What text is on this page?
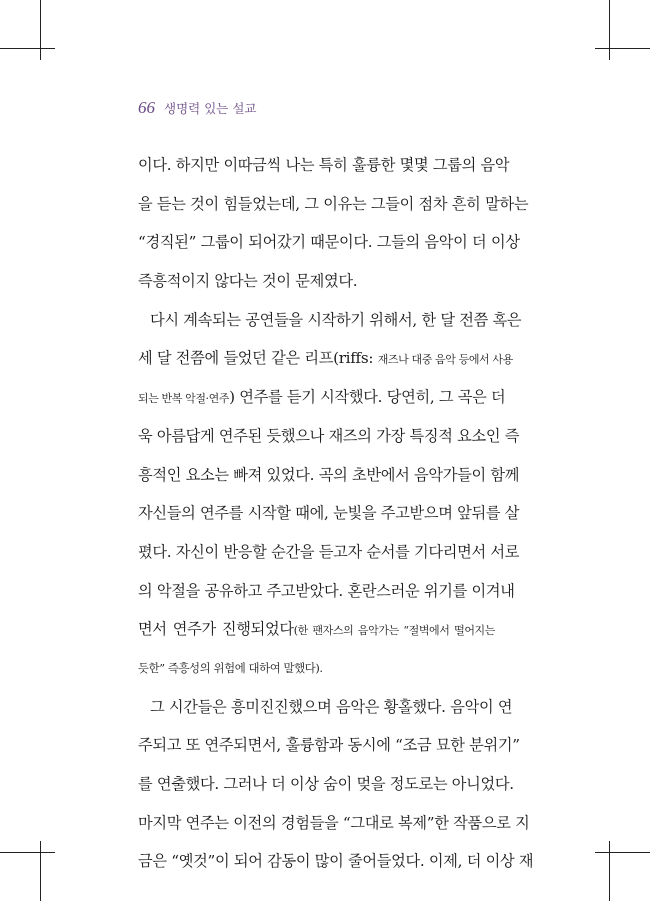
66 생명력 있는 설교
이다. 하지만 이따금씩 나는 특히 훌륭한 몇몇 그룹의 음악
을 듣는 것이 힘들었는데, 그 이유는 그들이 점차 흔히 말하는
“경직된” 그룹이 되어갔기 때문이다. 그들의 음악이 더 이상
즉흥적이지 않다는 것이 문제였다.
다시 계속되는 공연들을 시작하기 위해서, 한 달 전쯤 혹은
세 달 전쯤에 들었던 같은 리프(riffs: 재즈나 대중 음악 등에서 사용
되는 반복 악절·연주) 연주를 듣기 시작했다. 당연히, 그 곡은 더
욱 아름답게 연주된 듯했으나 재즈의 가장 특징적 요소인 즉
흥적인 요소는 빠져 있었다. 곡의 초반에서 음악가들이 함께
자신들의 연주를 시작할 때에, 눈빛을 주고받으며 앞뒤를 살
폈다. 자신이 반응할 순간을 듣고자 순서를 기다리면서 서로
의 악절을 공유하고 주고받았다. 혼란스러운 위기를 이겨내
면서 연주가 진행되었다(한 팬자스의 음악가는 “절벽에서 떨어지는
듯한” 즉흥성의 위험에 대하여 말했다).
그 시간들은 흥미진진했으며 음악은 황홀했다. 음악이 연
주되고 또 연주되면서, 훌륭함과 동시에 “조금 묘한 분위기”
를 연출했다. 그러나 더 이상 숨이 멎을 정도로는 아니었다.
마지막 연주는 이전의 경험들을 “그대로 복제”한 작품으로 지
금은 “옛것”이 되어 감동이 많이 줄어들었다. 이제, 더 이상 재
